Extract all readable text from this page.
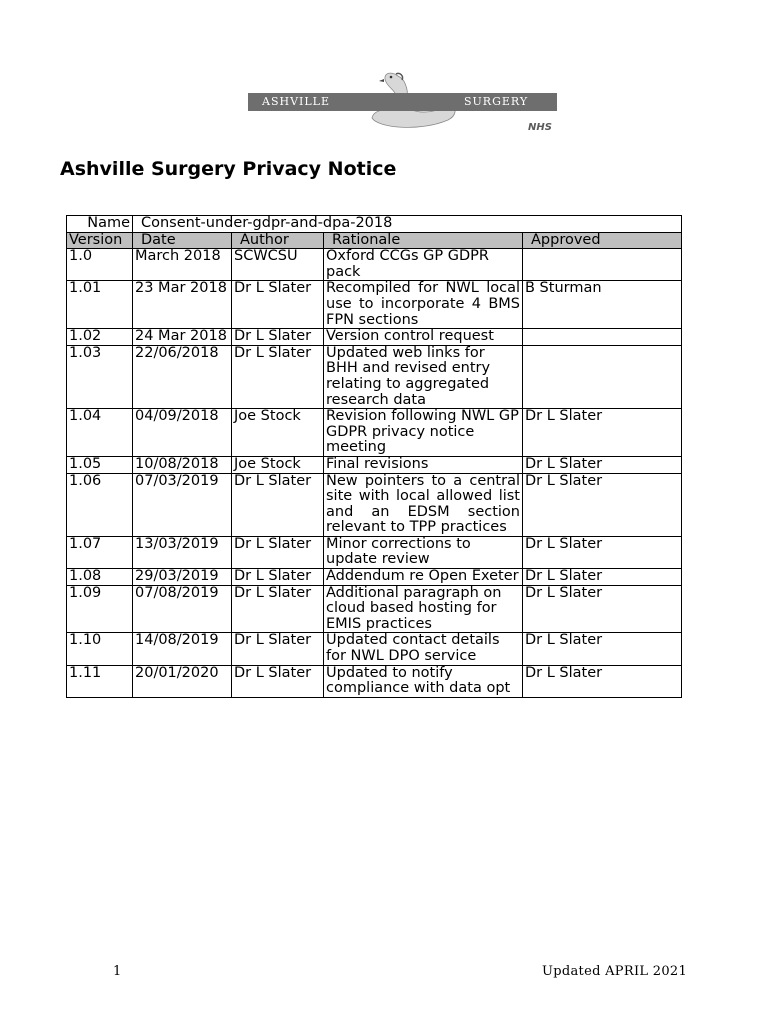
ASHVILLE	SURGERY
NHS
Ashville Surgery Privacy Notice
Name	Consent-under-gdpr-and-dpa-2018			
Version	Date	Author	Rationale	Approved
1.0	March 2018	SCWCSU	Oxford CCGs GP GDPR pack	
1.01	23 Mar 2018	Dr L Slater	Recompiled for NWL local use to incorporate 4 BMS FPN sections	B Sturman
1.02	24 Mar 2018	Dr L Slater	Version control request	
1.03	22/06/2018	Dr L Slater	Updated web links for BHH and revised entry relating to aggregated research data	
1.04	04/09/2018	Joe Stock	Revision following NWL GP GDPR privacy notice meeting	Dr L Slater
1.05	10/08/2018	Joe Stock	Final revisions	Dr L Slater
1.06	07/03/2019	Dr L Slater	New pointers to a central site with local allowed list and an EDSM section relevant to TPP practices	Dr L Slater
1.07	13/03/2019	Dr L Slater	Minor corrections to update review	Dr L Slater
1.08	29/03/2019	Dr L Slater	Addendum re Open Exeter	Dr L Slater
1.09	07/08/2019	Dr L Slater	Additional paragraph on cloud based hosting for EMIS practices	Dr L Slater
1.10	14/08/2019	Dr L Slater	Updated contact details for NWL DPO service	Dr L Slater
1.11	20/01/2020	Dr L Slater	Updated to notify compliance with data opt	Dr L Slater
1	Updated APRIL 2021
